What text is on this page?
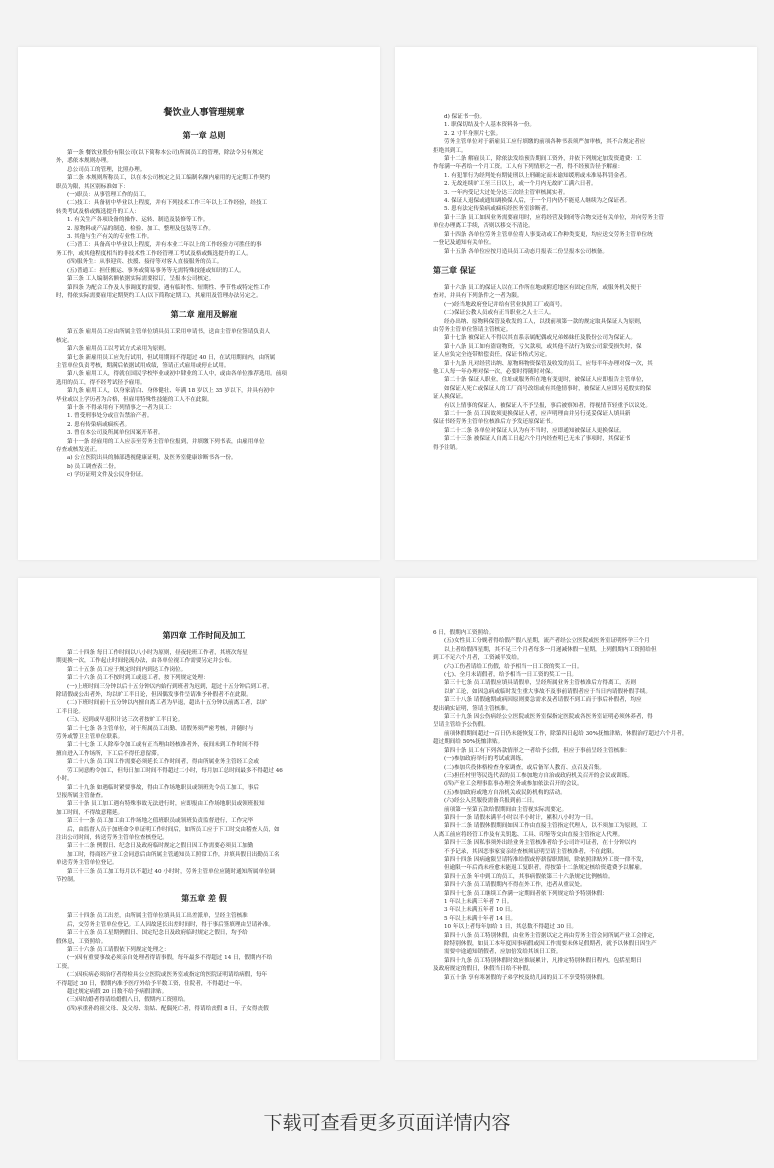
餐饮业人事管理规章

第一章 总则

第一条 餐饮业股份有限公司(以下简称本公司)所属员工的管理，除法令另有规定

外，悉依本规则办理。

总公司员工的管理，比照办理。

第二条 本规则所称员工，以在本公司核定之员工编制名额内雇用的无定期工作契约

职员为限，其区别标准如下：

(一)职员：从事管理工作的员工。

(二)技工：具备初中毕业以上程度，并有下列技术工作三年以上工作经验，经技工

转类考试及格或甄选提升的工人：

1. 有关生产各项设备的操作、运转、制造及装修等工作。

2. 原物料或产品的制造、检验、加工、整理及包装等工作。

3. 其他与生产有关的专业性工作。

(三)普工：具备高中毕业以上程度，并有本业二年以上的工作经验方可胜任的事

务工作，或其他程度相当的非技术性工作经管理工考试及格或甄选提升的工人。

(四)服务生：从事迎宾、扶援、接待等对客人直接服务的员工。

(五)普通工：担任搬运、事务或简易事务等无需特殊技能或知识的工人。

第三条 工人编制名额依据实际需要拟订，呈报本公司核定。

第四条 为配合工作及人事调度的需要，遇有临时性、短期性、季节性或特定性工作

时，得依实际需要雇用定期契约工人(以下简称定期工)，其雇用及管理办法另定之。

第二章 雇用及解雇

第五条 雇用员工应由所属主管单位填具员工采用申请书，送由主管单位签请负责人

核定。

第六条 雇用员工以考试方式录用为原则。

第七条 新雇用员工应先行试用，但试用期间不得超过 40 日，在试用期间内，由所属

主管单位负责考核，期满后依据试用成绩，签请正式雇用或停止试用。

第八条 雇用工人，得就在国民学校毕业或初中肄业的工人中，或由各单位推荐选用。前项

选用的员工，得不经考试径予雇用。

第九条 雇用工人，以身家清白、身体健壮、年满 18 岁以上 35 岁以下，并具有初中

毕业或以上学历者为合格，但雇用特殊性技能的工人不在此限。

第十条 不得录用有下列情事之一者为员工：

1. 曾受刑事处分或宣告禁治产者。

2. 患有传染病或痼疾者。

3. 曾在本公司及所属单位因案开革者。

第十一条 经雇用的工人应亲至劳务主管单位报到，并填缴下列书表，由雇用单位

存查或核发送正。

a) 公立医院出具的肺部透视健康证明，及医务室健康诊断书各一份。

b) 员工调查表二份。

c) 学历证明文件及公民身份证。

d) 保证书一份。

1. 职保切结及个人基本资料各一份。

2. 2 寸半身照片七张。

劳务主管单位对于新雇员工应行填缴的前项各种书表须严加审核，其不合规定者应

拒绝其到工。

第十二条 解雇员工，除依法发给预告期间工资外，并依下列规定加发资遣费：工

作每满一年者给一个月工资。工人有下列情形之一者，得不经预告径予解雇：

1. 有犯罪行为经判处有期徒刑以上刑确定而未谕知缓刑或未准易科罚金者。

2. 无故连续旷工至三日以上，或一个月内无故旷工满六日者。

3. 一年内受记大过处分达三次经主管审核属实者。

4. 保证人退保或通知调换保人后，于一个月内仍不能觅人继续为之保证者。

5. 患有法定传染病或痼疾经医务室诊断者。

第十三条 员工如因业务需要雇用时，应将经营及倒闭等合物交还有关单位，并向劳务主管

单位办理离工手续，否则以移交不清论。

第十四条 各单位劳务主管单位将人事变动或工作种类变更，均应送交劳务主管单位统

一登记及通知有关单位。

第十五条 各单位应按月造具员工动态月报表二份呈报本公司核备。

第三章 保证

第十六条 员工的保证人以在工作所在地或附近地区有固定住所，或服务机关便于

查对，并具有下列条件之一者为限。

(一)经当地政府登记并给有营业执照工厂或商号。

(二)保证公教人员或有正当职业之人士三人。

经办出纳、原物料保管及收发的工人，以找前项第一款的规定取具保证人为原则，

由劳务主管单位签请主管核定。

第十七条 被保证人不得以其直系亲属配偶或兄弟姊妹任及股份公司为保证人。

第十八条 员工如有盗窃物资，亏欠款项，或其他不法行为致公司蒙受损失时，保

证人应负完全连带赔偿责任，保证书格式另定。

第十九条 凡对经营出纳、原物料物资保管及收发的员工，应每半年办理对保一次，其

他工人每一年办理对保一次，必要时得随时对保。

第二十条 保证人职业，住址或服务所在地有变更时，被保证人应即报告主管单位，

如保证人死亡或保证人的工厂商号改组或有其他情事时，被保证人应即另觅殷实的保

证人换保证。

有以上情事的保证人，被保证人不予呈报，事后被察知者，得视情节轻重予以议处。

第二十一条 员工因故须更换保证人者，应声明理由并另行觅妥保证人填具新

保证书经劳务主管单位核准后方予发还原保证书。

第二十二条 各单位对保证人认为有不当时，应即通知被保证人更换保证。

第二十三条 被保证人自离工日起六个月内经查明已无未了事项时，其保证书

得予注销。

第四章 工作时间及加工

第二十四条 每日工作时间以八小时为原则，昼夜轮班工作者，其班次每星

期更换一次，工作起止时间轮流办法，由各单位视工作需要另定并公布。

第二十五条 员工应于规定时间内到达工作岗位。

第二十六条 员工不按时到工或退工者，按下列规定处理：

(一)上班时间三分钟以后十五分钟以内始行到班者为迟到，超过十五分钟后到工者，

除请假或公出者外，均以旷工半日论，但因偶发事件呈请准予补假者不在此限。

(二)下班时间前十五分钟以内擅自离工者为早退，超出十五分钟以前离工者，以旷

工半日论。

(三)、迟到或早退积计达三次者按旷工半日论。

第二十七条 各主管单位，对于所属员工出勤、请假务须严密考核，并随时与

劳务或警卫主管单位联系。

第二十七条 工人除奉令加工或有正当理由经核准者外，夜间未到工作时间不得

擅自进入工作场所，下工后不得任意留滞。

第二十八条 员工因工作需要必须延长工作时间者，得由所属业务主管经工会或

劳工同意酌令加工，但每日加工时间不得超过二小时，每月加工总时间最多不得超过 46

小时。

第二十九条 如遇临时紧要事故，得由工作场地职员或领班先令员工加工，事后

呈报所属主管备查。

第三十条 员工加工遇有特殊事故无法进行时，应即报由工作场地职员或领班报知

加工时间，不得故意稽延。

第三十一条 员工加工由工作场地之值班职员或领班负责监督进行，工作完毕

后，由监督人员于加班命令单证明工作时间后，如所员工应于下工时交由稽查人员，如

注出公司时间，转送劳务主管单位查核登记。

第三十二条 例假日、纪念日及政府临时规定之假日因工作需要必须员工加勤

加工时，得商经产业工会同意后由所属主管通知员工照常工作，并填具假日出勤员工名

单送劳务主管单位登记。

第三十三条 员工加工每月以不超过 40 小时时，劳务主管单位应随时通知所属单位调

节控制。

第五章 差 假

第三十四条 员工出差，由所属主管单位填具员工出差派单，呈经主管核准

后，交劳务主管单位登记。工人因故延长出差时间时，得于事后签填理由呈请补准。

第三十五条 员工星期例假日、国定纪念日及政府临时规定之假日，均予给

假休息，工资照给。

第三十六条 员工请假依下列规定处理之：

(一)因有重要事故必须亲自处理者得请事假，每年最多不得超过 14 日，假期内不给

工资。

(二)因疾病必须治疗者得检具公立医院或医务室或指定的医院证明请给病假，每年

不得超过 30 日，假期内准予医疗外给予半数工资，住院者，不得超过一年。

超过规定病假 20 日数不给予病假津贴。

(三)因结婚者得请给婚假八日，假期内工资照给。

(四)承重孙的祖父母、及父母、翁姑、配偶死亡者，得请给丧假 8 日，子女得丧假

6 日，假期内工资照给。

(五)女性员工分娩者得给假产假八星期，流产者经公立医院或医务室证明怀孕三个月

以上者给假四星期，其不足三个月者每多一月递减休假一星期，上列假期内工资照给但

到工不足六个月者，工资减半发给。

(六)工伤者请给工伤假，给予相当一日工资的奖工一日。

(七)、全月未请假者，给予相当一日工资的奖工一日。

第三十七条 员工请假应填具请假单，呈经所属业务主管核准后方得离工，否则

以旷工论，如因急病或临时发生重大事故不及事前请假者应于当日内请假补假手续。

第三十八条 请假逾期或病因原则要急需求及者请假不到工而于事后补假者，均应

提出确实证明，签请主管核准。

第三十九条 因公伤病经公立医院或医务室保指定医院或各医务室证明必须休养者，得

呈请主管给予公伤假。

前项休假期间超过一百日仍未能恢复工作，除第四日起给 30%抚恤津贴，休假治疗超过六个月者，

超过期间给 50%抚恤津贴。

第四十条 员工有下列各款情形之一者给予公假，但应于事前呈经主管核准：

(一)参加政府举行的考试或训练。

(二)参加兵役体格检查身家调查，或后备军人教育、点召及召集。

(三)担任村里等民选代表的员工参加地方自治或政府机关召开的会议或训练。

(四)产业工会理事监事办理会务或参加依法召开的会议。

(五)参加政府或地方自治机关或民防机构的活动。

(六)经公入营服役需备兵报到前二日。

前项第一至第五款给假期间由主管视实际需要定。

第四十一条 请假未满半小时以半小时计，累积八小时为一日。

第四十二条 请假休假期间如因工作由直接主管指定代理人，以不须加工为原则，工

人离工前应将经管工作及有关钥匙、工具、印鉴等交由直接主管指定人代理。

第四十三条 因私事须外出经业务主管核准者给予公司许可证者，在十分钟以内

不予记录，其因恋事家宴亲经查核须证明呈请主管核准者，不在此限。

第四十四条 因病逾限呈请特准给假或停薪留职期间，除依照津贴外工资一律不发，

但逾限一年后尚未痊愈未能返工复职者，得按第十二条规定核给资遣费予以解雇。

第四十五条 年中到工的员工，其事病假依第三十六条规定比例核给。

第四十六条 员工请假期内不得在外工作，违者从重议处。

第四十七条 员工继续工作满一定期间者依下列规定给予特别休假：

1 年以上未满三年者 7 日。

3 年以上未满五年者 10 日。

5 年以上未满十年者 14 日。

10 年以上者每年加给 1 日，其总数不得超过 30 日。

第四十八条 员工特别休假，由业务主管据以定之再由劳务主管会同所属产业工会排定，

除特别休假，如员工本年度因事病假或因工作需要未休足假期者，就予以休假日因生产

需要中途通知销假者，应加倍发给其该日工资。

第四十九条 员工特别休假时效应推展累计，凡排定特别休假日程内，包括星期日

及政府规定的假日，休假当日给不补假。

第五十条 享有寒暑假的子弟学校及幼儿园的员工不享受特别休假。

下载可查看更多页面详情内容
